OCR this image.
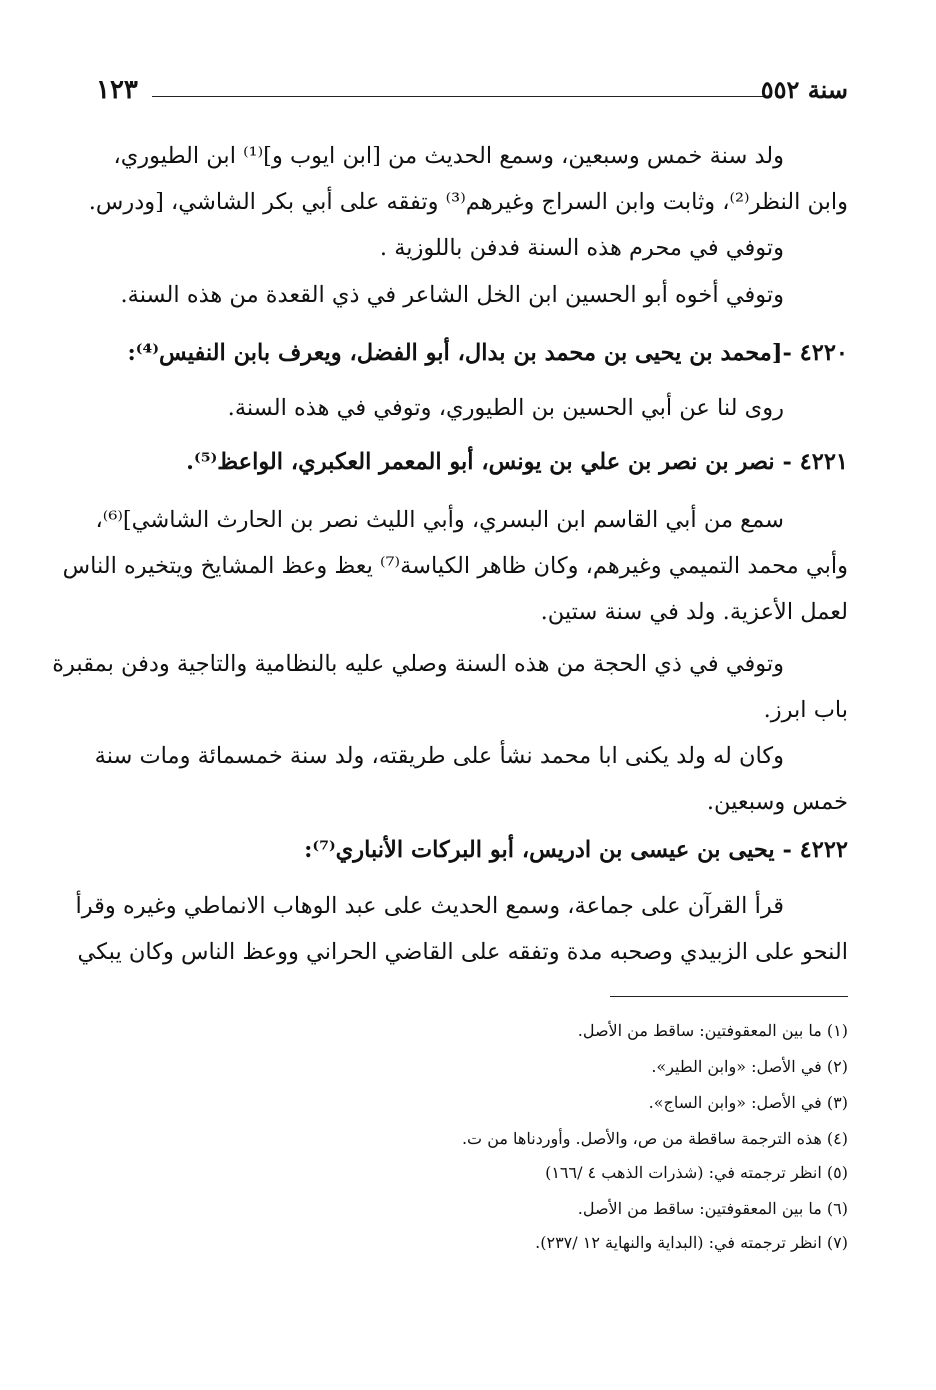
١٢٣	سنة ٥٥٢
ولد سنة خمس وسبعين، وسمع الحديث من [ابن ايوب و]⁽¹⁾ ابن الطيوري،
وابن النظر⁽²⁾، وثابت وابن السراج وغيرهم⁽³⁾ وتفقه على أبي بكر الشاشي، [ودرس.
وتوفي في محرم هذه السنة فدفن باللوزية .
وتوفي أخوه أبو الحسين ابن الخل الشاعر في ذي القعدة من هذه السنة.
٤٢٢٠ -[محمد بن يحيى بن محمد بن بدال، أبو الفضل، ويعرف بابن النفيس⁽⁴⁾:
روى لنا عن أبي الحسين بن الطيوري، وتوفي في هذه السنة.
٤٢٢١ - نصر بن نصر بن علي بن يونس، أبو المعمر العكبري، الواعظ⁽⁵⁾.
سمع من أبي القاسم ابن البسري، وأبي الليث نصر بن الحارث الشاشي]⁽⁶⁾،
وأبي محمد التميمي وغيرهم، وكان ظاهر الكياسة⁽⁷⁾ يعظ وعظ المشايخ ويتخيره الناس
لعمل الأعزية. ولد في سنة ستين.
وتوفي في ذي الحجة من هذه السنة وصلي عليه بالنظامية والتاجية ودفن بمقبرة
باب ابرز.
وكان له ولد يكنى ابا محمد نشأ على طريقته، ولد سنة خمسمائة ومات سنة
خمس وسبعين.
٤٢٢٢ - يحيى بن عيسى بن ادريس، أبو البركات الأنباري⁽⁷⁾:
قرأ القرآن على جماعة، وسمع الحديث على عبد الوهاب الانماطي وغيره وقرأ
النحو على الزبيدي وصحبه مدة وتفقه على القاضي الحراني ووعظ الناس وكان يبكي
(١) ما بين المعقوفتين: ساقط من الأصل.
(٢) في الأصل: «وابن الطير».
(٣) في الأصل: «وابن الساج».
(٤) هذه الترجمة ساقطة من ص، والأصل. وأوردناها من ت.
(٥) انظر ترجمته في: (شذرات الذهب ٤ /١٦٦)
(٦) ما بين المعقوفتين: ساقط من الأصل.
(٧) انظر ترجمته في: (البداية والنهاية ١٢ /٢٣٧).
